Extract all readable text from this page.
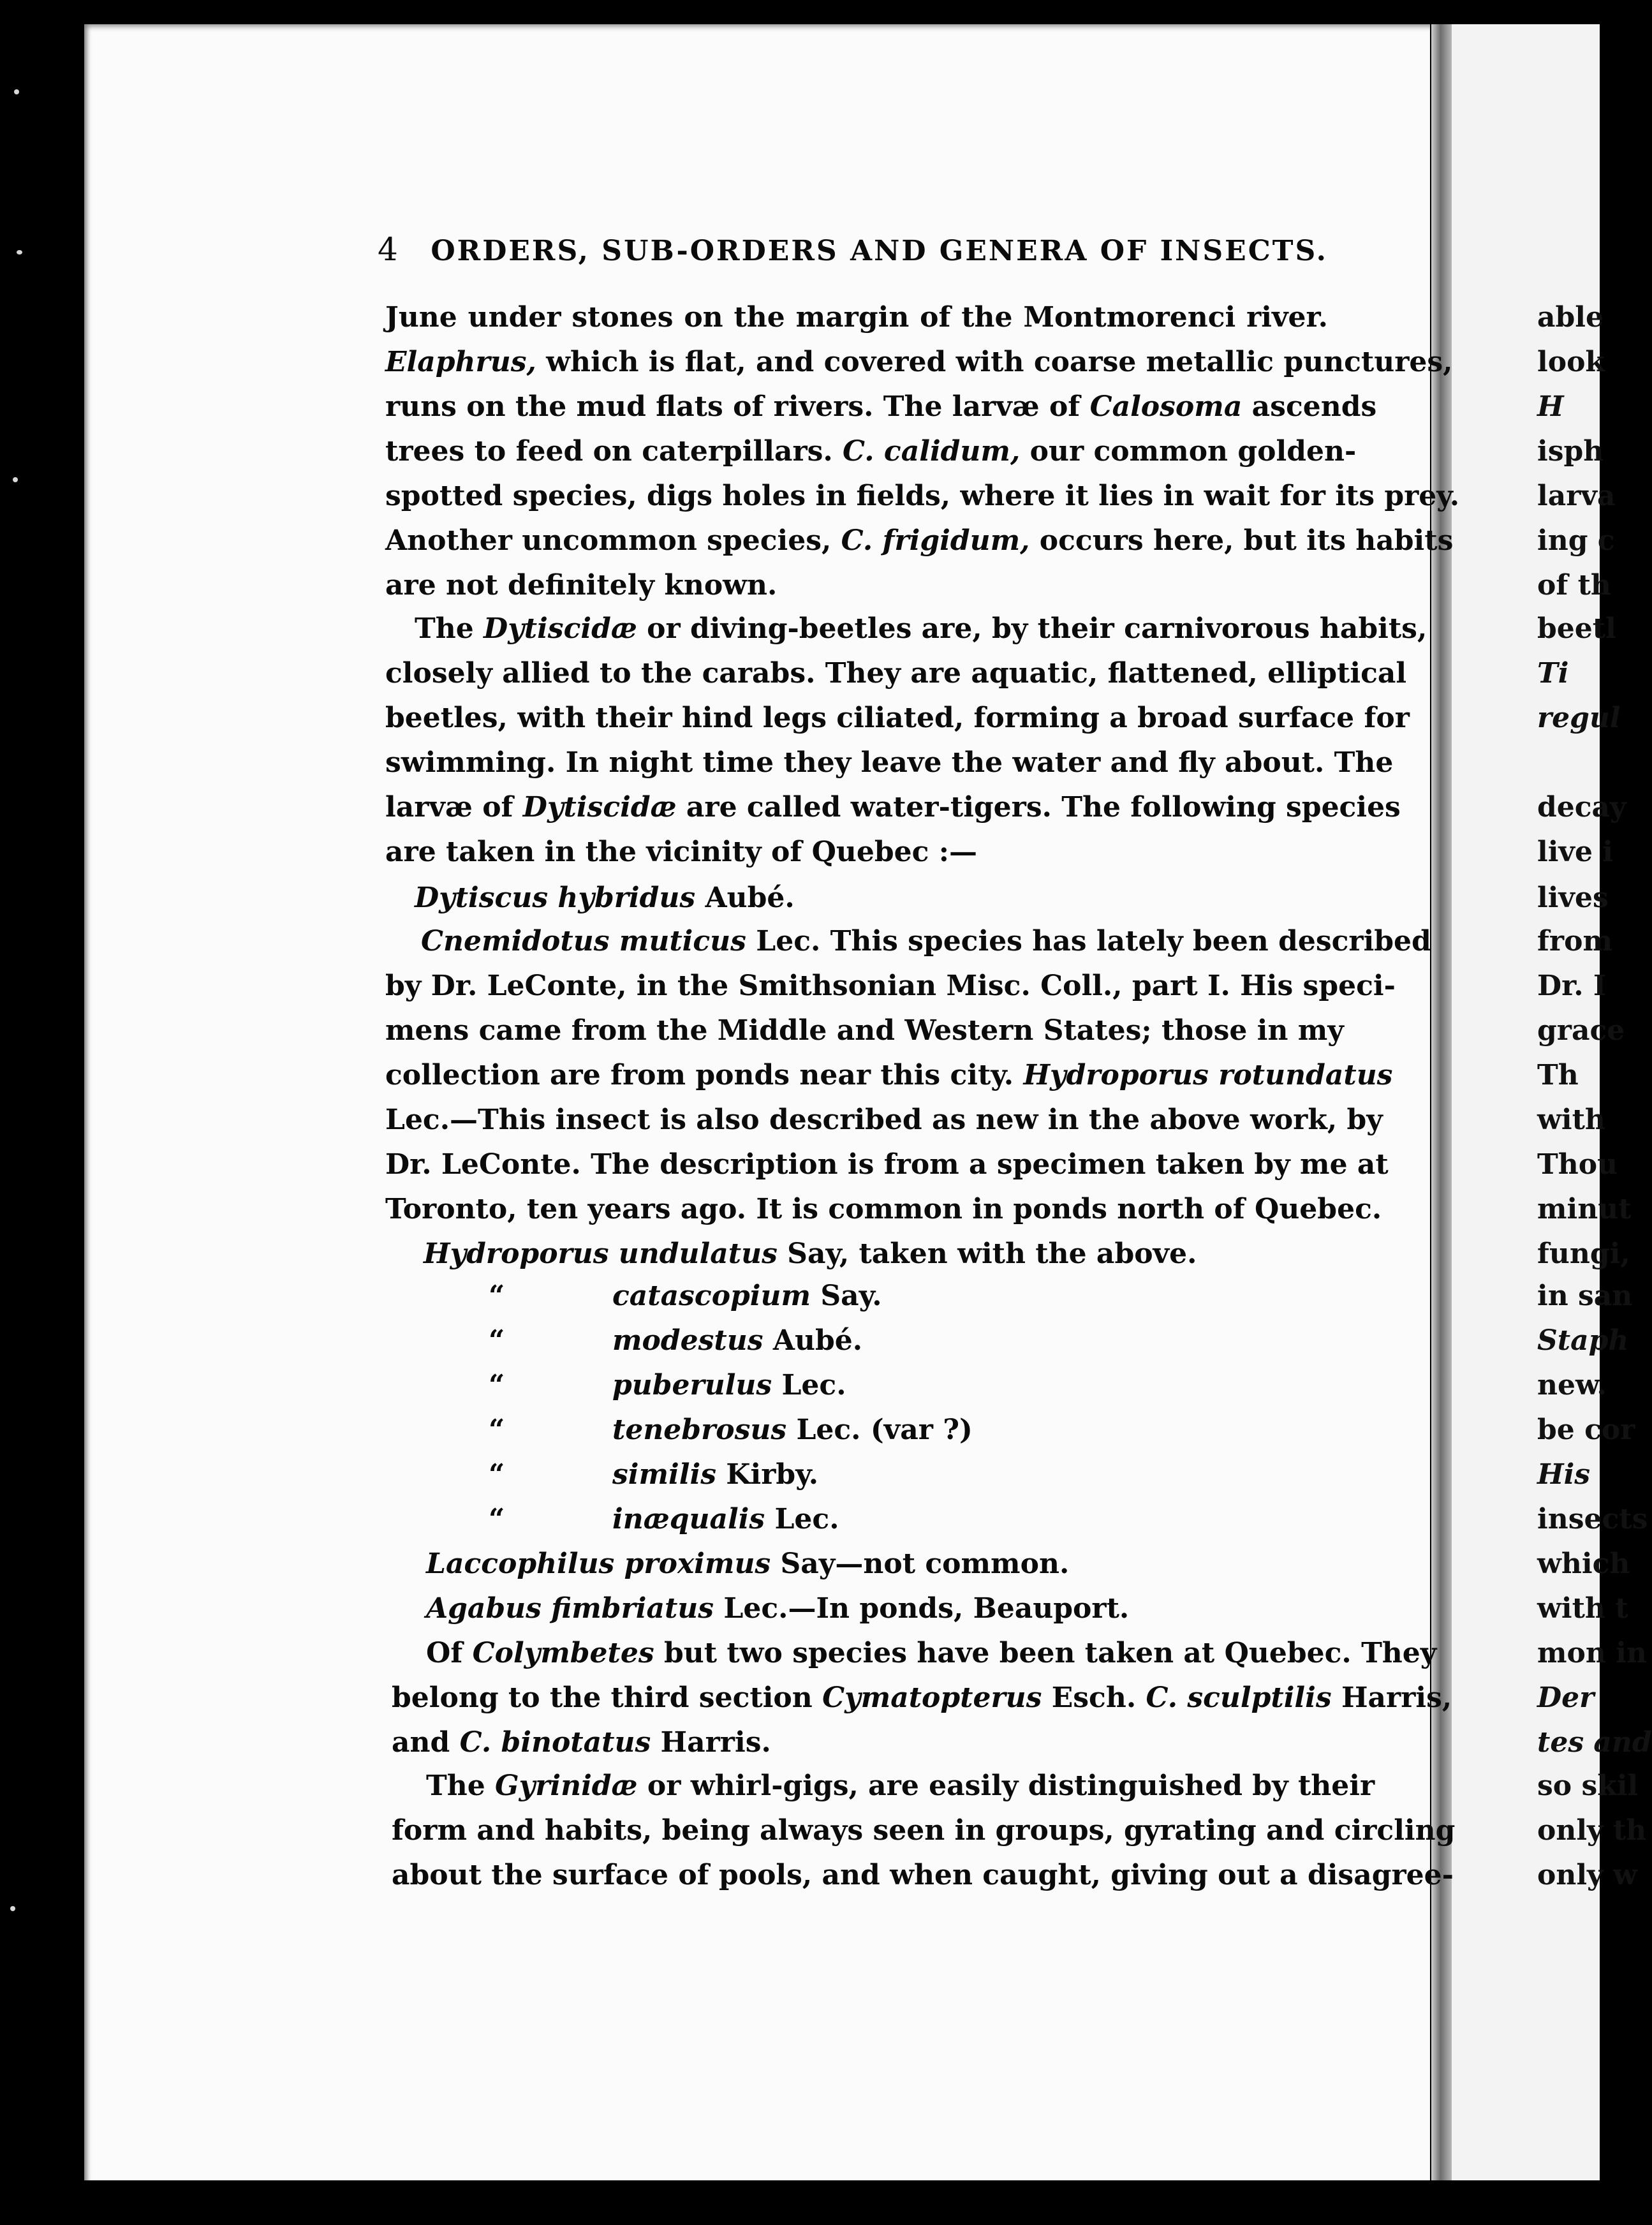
4 ORDERS, SUB-ORDERS AND GENERA OF INSECTS.
June under stones on the margin of the Montmorenci river.
Elaphrus, which is flat, and covered with coarse metallic punctures,
runs on the mud flats of rivers. The larvæ of Calosoma ascends
trees to feed on caterpillars. C. calidum, our common golden-
spotted species, digs holes in fields, where it lies in wait for its prey.
Another uncommon species, C. frigidum, occurs here, but its habits
are not definitely known.
The Dytiscidæ or diving-beetles are, by their carnivorous habits,
closely allied to the carabs. They are aquatic, flattened, elliptical
beetles, with their hind legs ciliated, forming a broad surface for
swimming. In night time they leave the water and fly about. The
larvæ of Dytiscidæ are called water-tigers. The following species
are taken in the vicinity of Quebec :—
Dytiscus hybridus Aubé.
Cnemidotus muticus Lec. This species has lately been described
by Dr. LeConte, in the Smithsonian Misc. Coll., part I. His speci-
mens came from the Middle and Western States; those in my
collection are from ponds near this city. Hydroporus rotundatus
Lec.—This insect is also described as new in the above work, by
Dr. LeConte. The description is from a specimen taken by me at
Toronto, ten years ago. It is common in ponds north of Quebec.
Hydroporus undulatus Say, taken with the above.
“	catascopium Say.
“	modestus Aubé.
“	puberulus Lec.
“	tenebrosus Lec. (var ?)
“	similis Kirby.
“	inæqualis Lec.
Laccophilus proximus Say—not common.
Agabus fimbriatus Lec.—In ponds, Beauport.
Of Colymbetes but two species have been taken at Quebec. They
belong to the third section Cymatopterus Esch. C. sculptilis Harris,
and C. binotatus Harris.
The Gyrinidæ or whirl-gigs, are easily distinguished by their
form and habits, being always seen in groups, gyrating and circling
about the surface of pools, and when caught, giving out a disagree-
able
look
H
isph
larva
ing c
of th
beetl
Ti
regul
decay
live i
lives
from
Dr. I
grace
Th
with
Thou
minut
fungi,
in san
Staph
new.
be cor
His
insects
which
with t
mon in
Der
tes and
so skil
only th
only w
